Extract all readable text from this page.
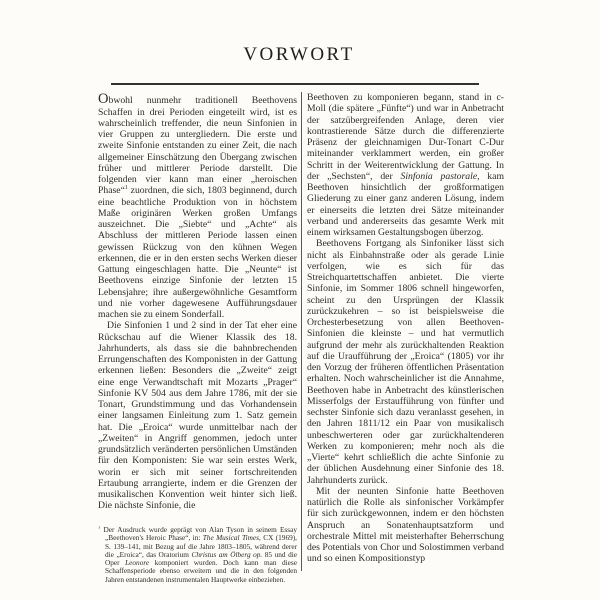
VORWORT

Obwohl nunmehr traditionell Beethovens Schaffen in drei Perioden eingeteilt wird, ist es wahrscheinlich treffender, die neun Sinfonien in vier Gruppen zu untergliedern. Die erste und zweite Sinfonie entstanden zu einer Zeit, die nach allgemeiner Einschätzung den Übergang zwischen früher und mittlerer Periode darstellt. Die folgenden vier kann man einer „heroischen Phase“$^1$ zuordnen, die sich, 1803 beginnend, durch eine beachtliche Produktion von in höchstem Maße originären Werken großen Umfangs auszeichnet. Die „Siebte“ und „Achte“ als Abschluss der mittleren Periode lassen einen gewissen Rückzug von den kühnen Wegen erkennen, die er in den ersten sechs Werken dieser Gattung eingeschlagen hatte. Die „Neunte“ ist Beethovens einzige Sinfonie der letzten 15 Lebensjahre; ihre außergewöhnliche Gesamtform und nie vorher dagewesene Aufführungsdauer machen sie zu einem Sonderfall.

Die Sinfonien 1 und 2 sind in der Tat eher eine Rückschau auf die Wiener Klassik des 18. Jahrhunderts, als dass sie die bahnbrechenden Errungenschaften des Komponisten in der Gattung erkennen ließen: Besonders die „Zweite“ zeigt eine enge Verwandtschaft mit Mozarts „Prager“ Sinfonie KV 504 aus dem Jahre 1786, mit der sie Tonart, Grundstimmung und das Vorhandensein einer langsamen Einleitung zum 1. Satz gemein hat. Die „Eroica“ wurde unmittelbar nach der „Zweiten“ in Angriff genommen, jedoch unter grundsätzlich veränderten persönlichen Umständen für den Komponisten: Sie war sein erstes Werk, worin er sich mit seiner fortschreitenden Ertaubung arrangierte, indem er die Grenzen der musikalischen Konvention weit hinter sich ließ. Die nächste Sinfonie, die

Beethoven zu komponieren begann, stand in c-Moll (die spätere „Fünfte“) und war in Anbetracht der satzübergreifenden Anlage, deren vier kontrastierende Sätze durch die differenzierte Präsenz der gleichnamigen Dur-Tonart C-Dur miteinander verklammert werden, ein großer Schritt in der Weiterentwicklung der Gattung. In der „Sechsten“, der Sinfonia pastorale, kam Beethoven hinsichtlich der großformatigen Gliederung zu einer ganz anderen Lösung, indem er einerseits die letzten drei Sätze miteinander verband und andererseits das gesamte Werk mit einem wirksamen Gestaltungsbogen überzog.

Beethovens Fortgang als Sinfoniker lässt sich nicht als Einbahnstraße oder als gerade Linie verfolgen, wie es sich für das Streichquartettschaffen anbietet. Die vierte Sinfonie, im Sommer 1806 schnell hingeworfen, scheint zu den Ursprüngen der Klassik zurückzukehren – so ist beispielsweise die Orchesterbesetzung von allen Beethoven-Sinfonien die kleinste – und hat vermutlich aufgrund der mehr als zurückhaltenden Reaktion auf die Uraufführung der „Eroica“ (1805) vor ihr den Vorzug der früheren öffentlichen Präsentation erhalten. Noch wahrscheinlicher ist die Annahme, Beethoven habe in Anbetracht des künstlerischen Misserfolgs der Erstaufführung von fünfter und sechster Sinfonie sich dazu veranlasst gesehen, in den Jahren 1811/12 ein Paar von musikalisch unbeschwerteren oder gar zurückhaltenderen Werken zu komponieren; mehr noch als die „Vierte“ kehrt schließlich die achte Sinfonie zu der üblichen Ausdehnung einer Sinfonie des 18. Jahrhunderts zurück.

Mit der neunten Sinfonie hatte Beethoven natürlich die Rolle als sinfonischer Vorkämpfer für sich zurückgewonnen, indem er den höchsten Anspruch an Sonatenhauptsatzform und orchestrale Mittel mit meisterhafter Beherrschung des Potentials von Chor und Solostimmen verband und so einen Kompositionstyp

$^1$ Der Ausdruck wurde geprägt von Alan Tyson in seinem Essay „Beethoven's Heroic Phase“, in: The Musical Times, CX (1969), S. 139–141, mit Bezug auf die Jahre 1803–1805, während derer die „Eroica“, das Oratorium Christus am Ölberg op. 85 und die Oper Leonore komponiert wurden. Doch kann man diese Schaffensperiode ebenso erweitern und die in den folgenden Jahren entstandenen instrumentalen Hauptwerke einbeziehen.
